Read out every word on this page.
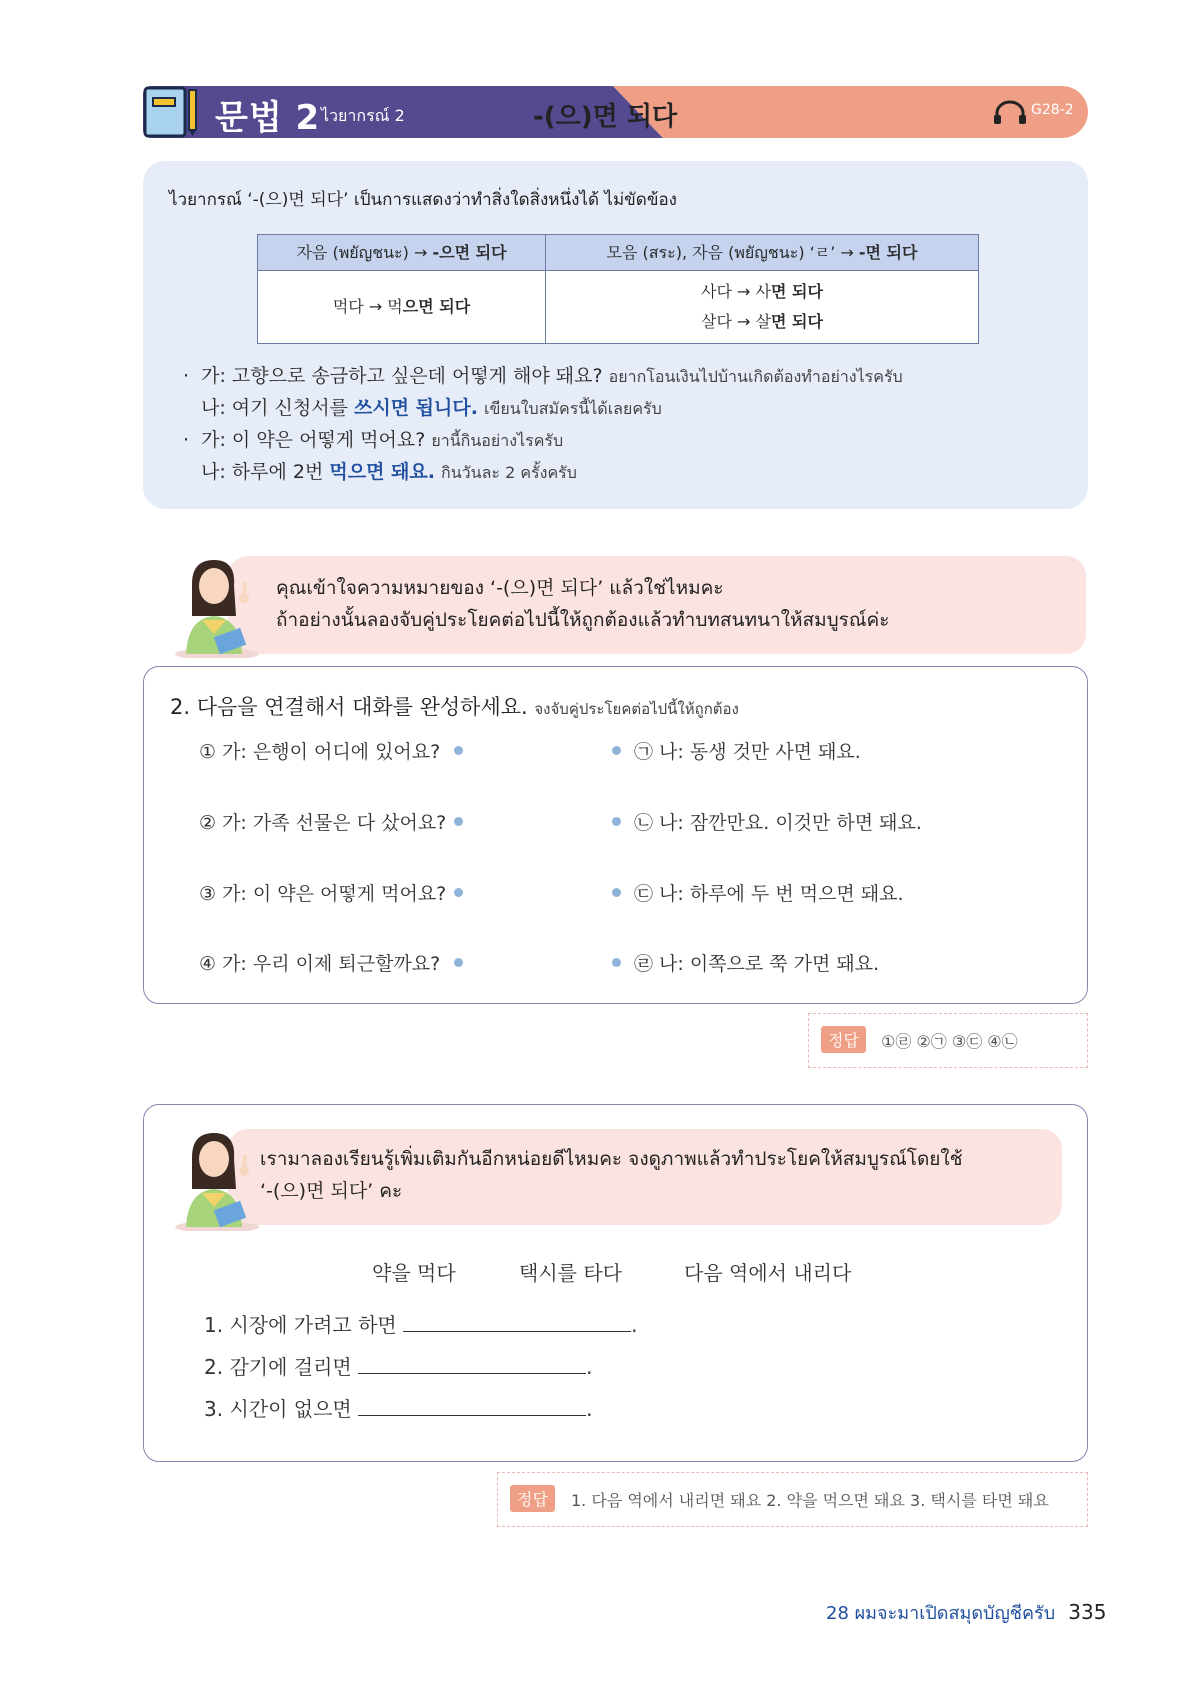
문법 2 ไวยากรณ์ 2	-(으)면 되다	G28-2
ไวยากรณ์ ‘-(으)면 되다’ เป็นการแสดงว่าทำสิ่งใดสิ่งหนึ่งได้ ไม่ขัดข้อง
자음 (พยัญชนะ) → -으면 되다	모음 (สระ), 자음 (พยัญชนะ) ‘ㄹ’ → -면 되다
먹다 → 먹으면 되다	사다 → 사면 되다
살다 → 살면 되다
· 가: 고향으로 송금하고 싶은데 어떻게 해야 돼요? อยากโอนเงินไปบ้านเกิดต้องทำอย่างไรครับ
나: 여기 신청서를 쓰시면 됩니다. เขียนใบสมัครนี้ได้เลยครับ
· 가: 이 약은 어떻게 먹어요? ยานี้กินอย่างไรครับ
나: 하루에 2번 먹으면 돼요. กินวันละ 2 ครั้งครับ
คุณเข้าใจความหมายของ ‘-(으)면 되다’ แล้วใช่ไหมคะ
ถ้าอย่างนั้นลองจับคู่ประโยคต่อไปนี้ให้ถูกต้องแล้วทำบทสนทนาให้สมบูรณ์ค่ะ
2. 다음을 연결해서 대화를 완성하세요. จงจับคู่ประโยคต่อไปนี้ให้ถูกต้อง
① 가: 은행이 어디에 있어요?
② 가: 가족 선물은 다 샀어요?
③ 가: 이 약은 어떻게 먹어요?
④ 가: 우리 이제 퇴근할까요?
㉠ 나: 동생 것만 사면 돼요.
㉡ 나: 잠깐만요. 이것만 하면 돼요.
㉢ 나: 하루에 두 번 먹으면 돼요.
㉣ 나: 이쪽으로 쭉 가면 돼요.
정답	①㉣ ②㉠ ③㉢ ④㉡
เรามาลองเรียนรู้เพิ่มเติมกันอีกหน่อยดีไหมคะ จงดูภาพแล้วทำประโยคให้สมบูรณ์โดยใช้
‘-(으)면 되다’ คะ
약을 먹다	택시를 타다	다음 역에서 내리다
1. 시장에 가려고 하면	.
2. 감기에 걸리면	.
3. 시간이 없으면	.
정답	1. 다음 역에서 내리면 돼요 2. 약을 먹으면 돼요 3. 택시를 타면 돼요
28 ผมจะมาเปิดสมุดบัญชีครับ 335
